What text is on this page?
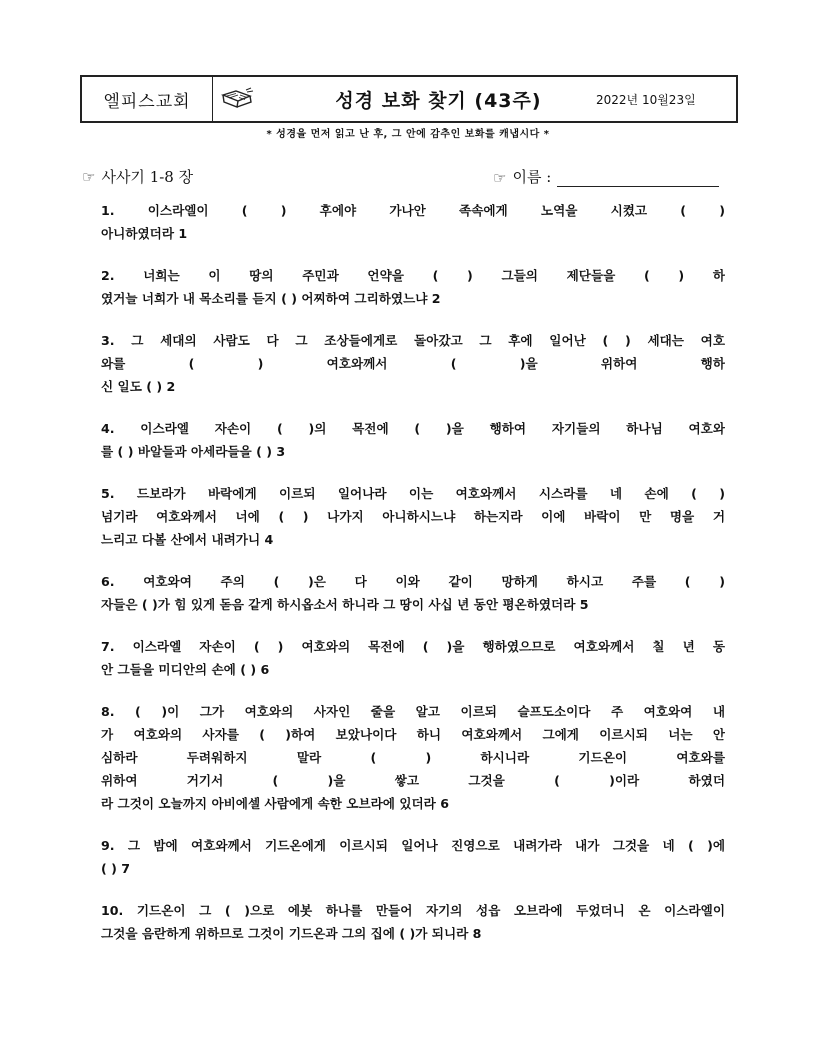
엘피스교회	성경 보화 찾기 (43주)	2022년 10월23일
* 성경을 먼저 읽고 난 후, 그 안에 감추인 보화를 캐냅시다 *
☞ 사사기 1-8 장	☞ 이름 :
1. 이스라엘이 ( ) 후에야 가나안 족속에게 노역을 시켰고 ( )
아니하였더라 1
2. 너희는 이 땅의 주민과 언약을 ( ) 그들의 제단들을 ( ) 하
였거늘 너희가 내 목소리를 듣지 ( ) 어찌하여 그리하였느냐 2
3. 그 세대의 사람도 다 그 조상들에게로 돌아갔고 그 후에 일어난 ( ) 세대는 여호
와를 ( ) 여호와께서 ( )을 위하여 행하
신 일도 ( ) 2
4. 이스라엘 자손이 ( )의 목전에 ( )을 행하여 자기들의 하나님 여호와
를 ( ) 바알들과 아세라들을 ( ) 3
5. 드보라가 바락에게 이르되 일어나라 이는 여호와께서 시스라를 네 손에 ( )
넘기라 여호와께서 너에 ( ) 나가지 아니하시느냐 하는지라 이에 바락이 만 명을 거
느리고 다볼 산에서 내려가니 4
6. 여호와여 주의 ( )은 다 이와 같이 망하게 하시고 주를 ( )
자들은 ( )가 힘 있게 돋음 같게 하시옵소서 하니라 그 땅이 사십 년 동안 평온하였더라 5
7. 이스라엘 자손이 ( ) 여호와의 목전에 ( )을 행하였으므로 여호와께서 칠 년 동
안 그들을 미디안의 손에 ( ) 6
8. ( )이 그가 여호와의 사자인 줄을 알고 이르되 슬프도소이다 주 여호와여 내
가 여호와의 사자를 ( )하여 보았나이다 하니 여호와께서 그에게 이르시되 너는 안
심하라 두려워하지 말라 ( ) 하시니라 기드온이 여호와를
위하여 거기서 ( )을 쌓고 그것을 ( )이라 하였더
라 그것이 오늘까지 아비에셀 사람에게 속한 오브라에 있더라 6
9. 그 밤에 여호와께서 기드온에게 이르시되 일어나 진영으로 내려가라 내가 그것을 네 ( )에
( ) 7
10. 기드온이 그 ( )으로 에봇 하나를 만들어 자기의 성읍 오브라에 두었더니 온 이스라엘이
그것을 음란하게 위하므로 그것이 기드온과 그의 집에 ( )가 되니라 8
